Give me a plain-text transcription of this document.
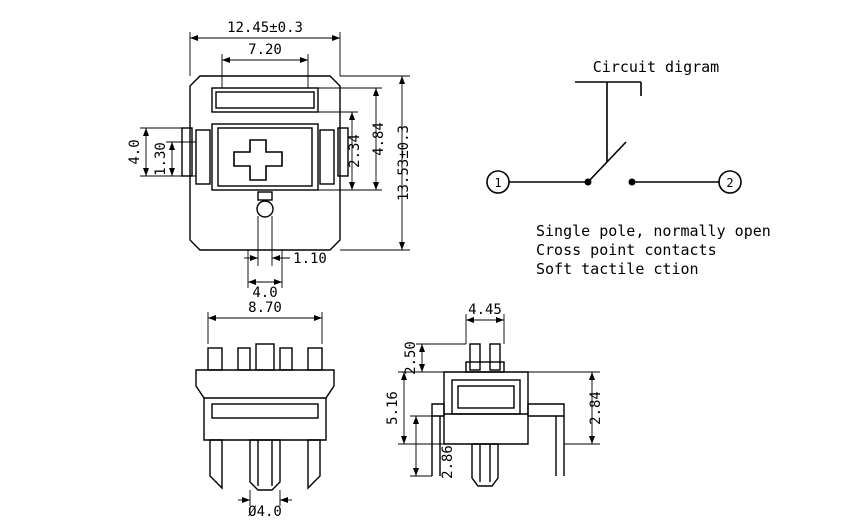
12.45±0.3
7.20
13.53±0.3
4.84
2.34
4.0 1.30
1.10
4.0
Circuit digram
1	2
Single pole, normally open
Cross point contacts
Soft tactile ction
8.70
Ø4.0
4.45
2.50
5.16	2.84
2.86
